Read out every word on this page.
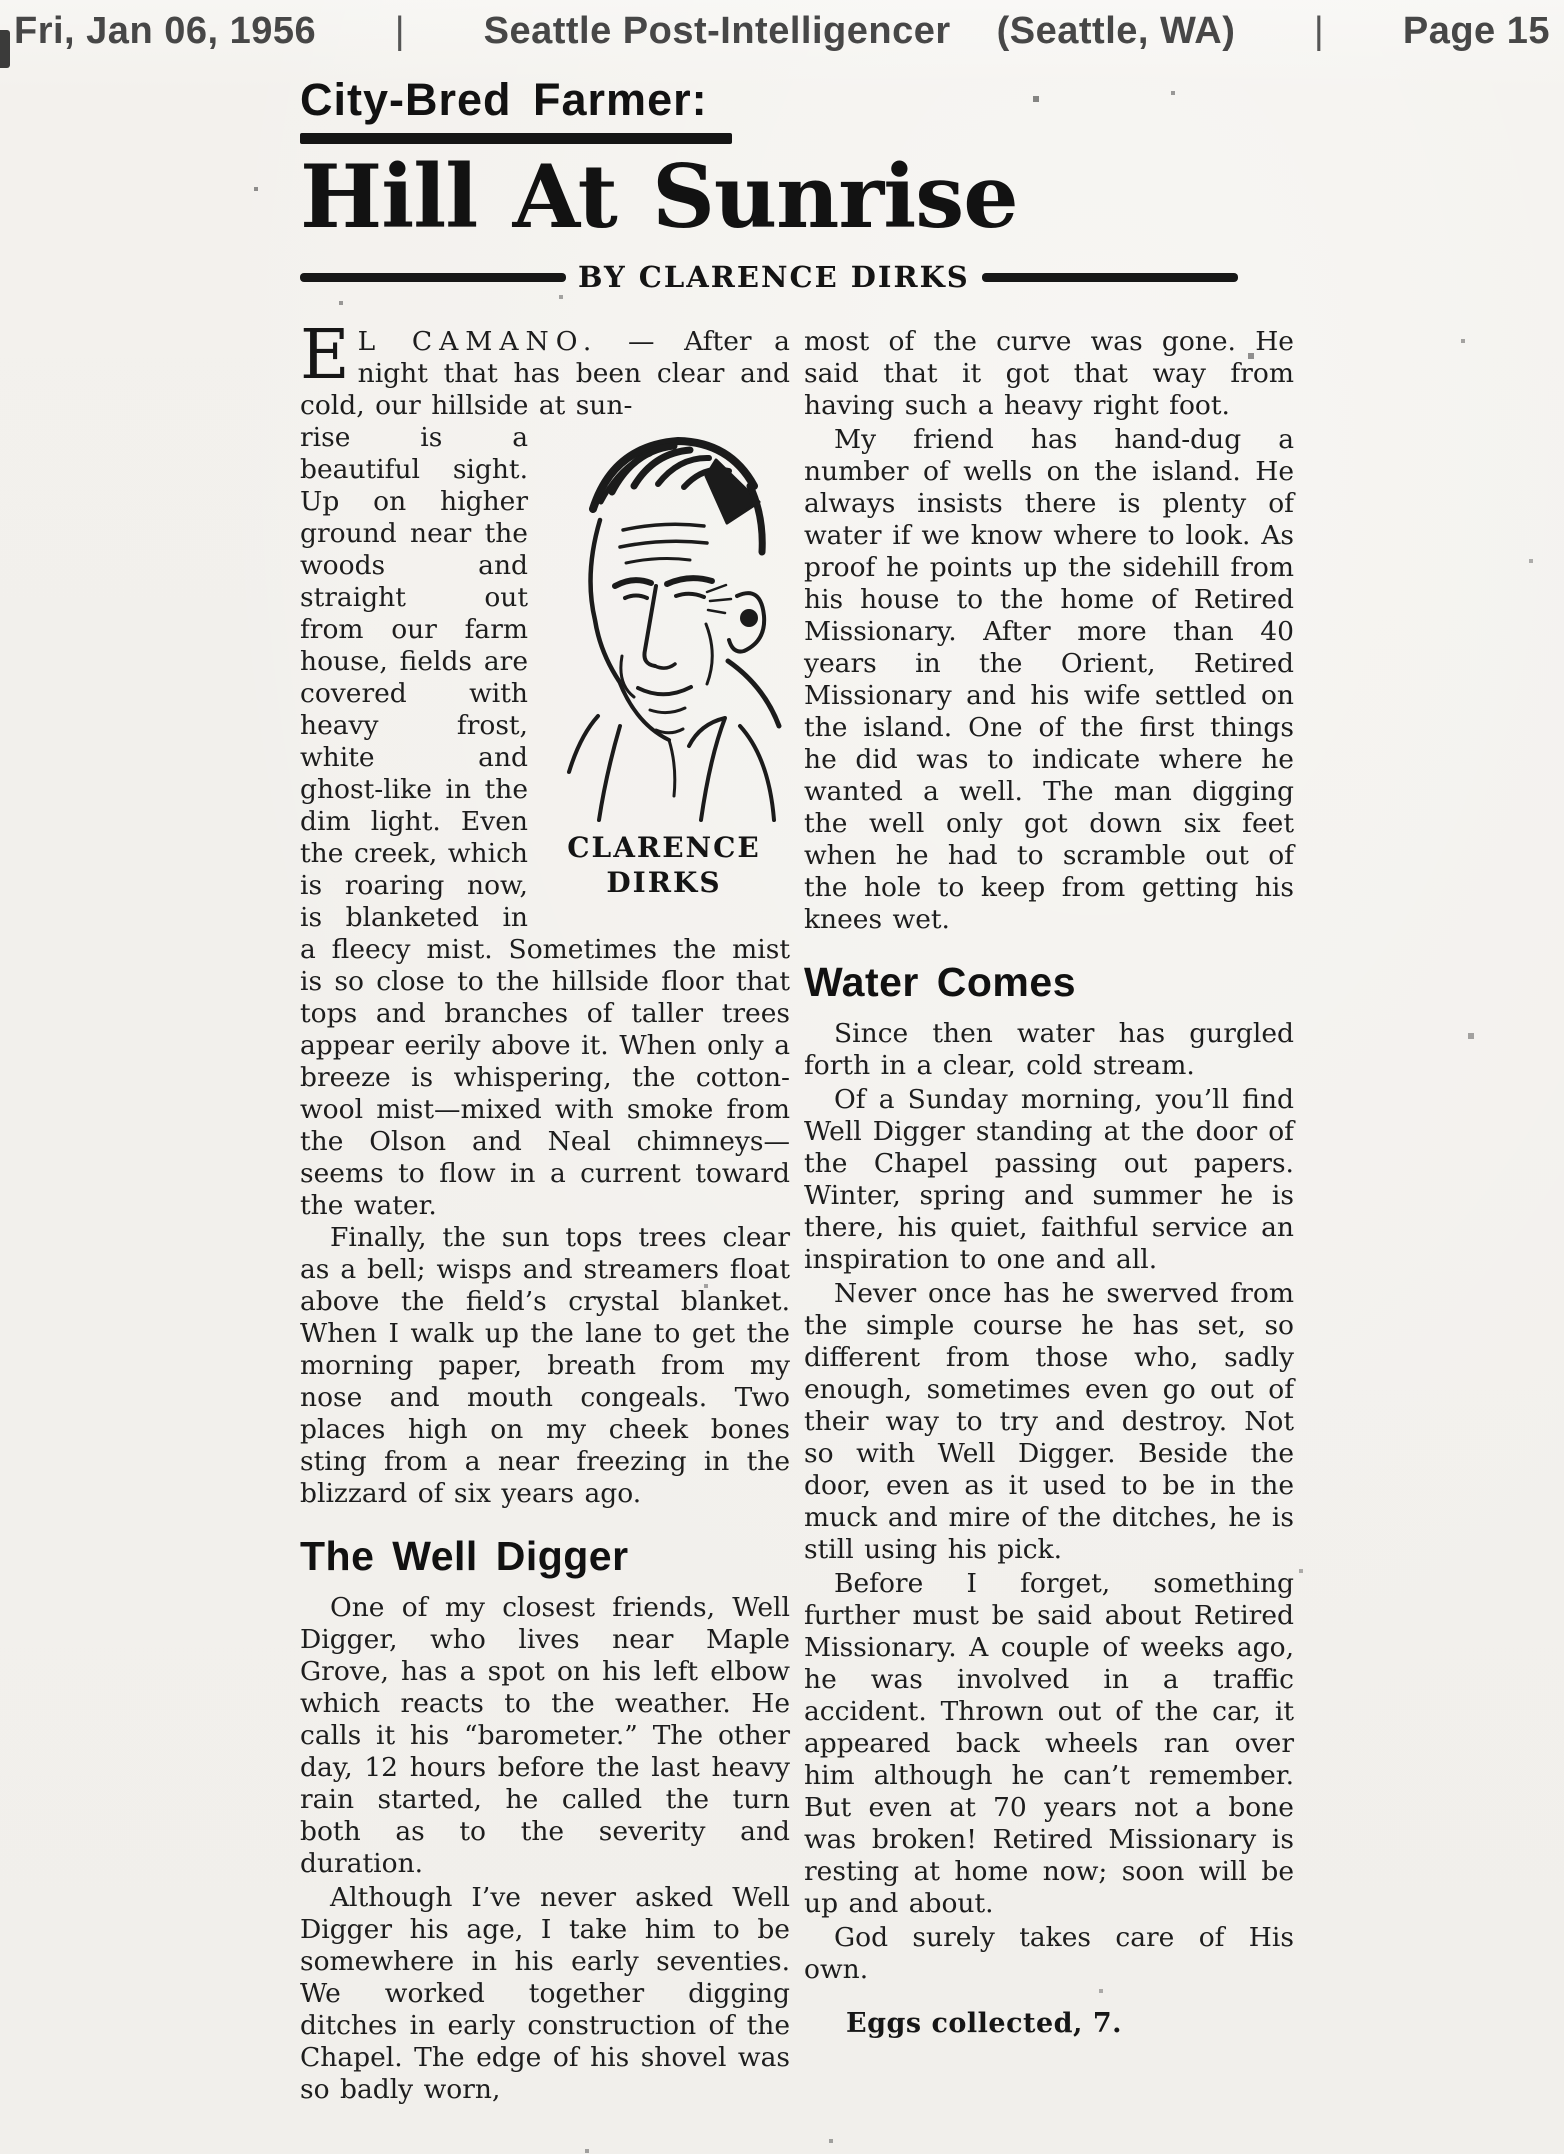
Fri, Jan 06, 1956 | Seattle Post-Intelligencer (Seattle, WA) | Page 15
City-Bred Farmer:
Hill At Sunrise
BY CLARENCE DIRKS

E L CAMANO. — After a night that has been clear and cold, our hillside at sun-

CLARENCE
DIRKS
rise is a beautiful sight. Up on higher ground near the woods and straight out from our farm house, fields are covered with heavy frost, white and ghost-like in the dim light. Even the creek, which is roaring now, is blanketed in a fleecy mist. Sometimes the mist is so close to the hillside floor that tops and branches of taller trees appear eerily above it. When only a breeze is whispering, the cotton-wool mist—mixed with smoke from the Olson and Neal chimneys—seems to flow in a current toward the water.

Finally, the sun tops trees clear as a bell; wisps and streamers float above the field’s crystal blanket. When I walk up the lane to get the morning paper, breath from my nose and mouth congeals. Two places high on my cheek bones sting from a near freezing in the blizzard of six years ago.

The Well Digger

One of my closest friends, Well Digger, who lives near Maple Grove, has a spot on his left elbow which reacts to the weather. He calls it his “barometer.” The other day, 12 hours before the last heavy rain started, he called the turn both as to the severity and duration.

Although I’ve never asked Well Digger his age, I take him to be somewhere in his early seventies. We worked together digging ditches in early construction of the Chapel. The edge of his shovel was so badly worn,

most of the curve was gone. He said that it got that way from having such a heavy right foot.

My friend has hand-dug a number of wells on the island. He always insists there is plenty of water if we know where to look. As proof he points up the sidehill from his house to the home of Retired Missionary. After more than 40 years in the Orient, Retired Missionary and his wife settled on the island. One of the first things he did was to indicate where he wanted a well. The man digging the well only got down six feet when he had to scramble out of the hole to keep from getting his knees wet.

Water Comes

Since then water has gurgled forth in a clear, cold stream.

Of a Sunday morning, you’ll find Well Digger standing at the door of the Chapel passing out papers. Winter, spring and summer he is there, his quiet, faithful service an inspiration to one and all.

Never once has he swerved from the simple course he has set, so different from those who, sadly enough, sometimes even go out of their way to try and destroy. Not so with Well Digger. Beside the door, even as it used to be in the muck and mire of the ditches, he is still using his pick.

Before I forget, something further must be said about Retired Missionary. A couple of weeks ago, he was involved in a traffic accident. Thrown out of the car, it appeared back wheels ran over him although he can’t remember. But even at 70 years not a bone was broken! Retired Missionary is resting at home now; soon will be up and about.

God surely takes care of His own.

Eggs collected, 7.
